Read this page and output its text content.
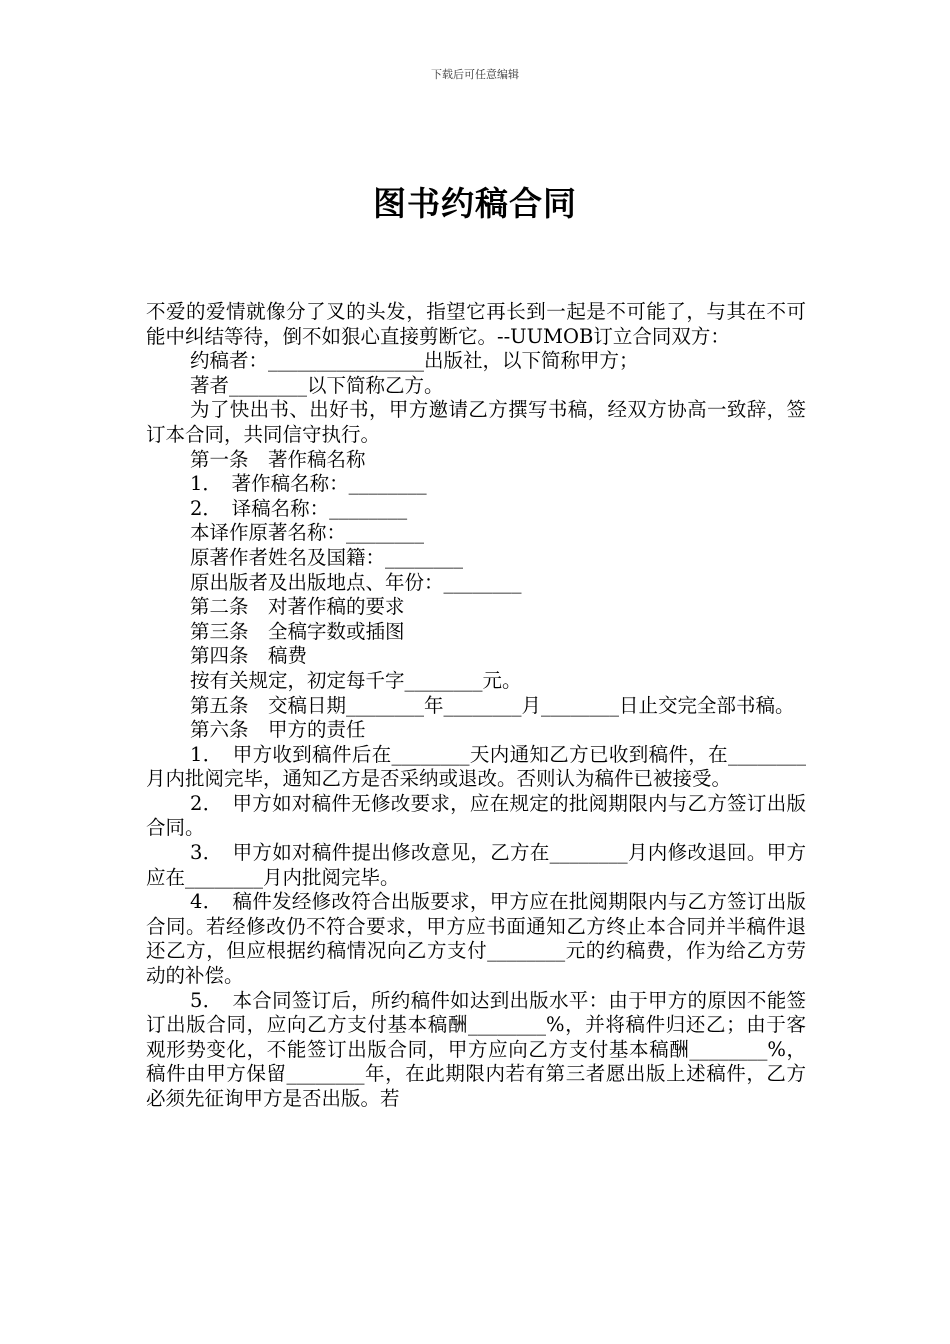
下载后可任意编辑
图书约稿合同

不爱的爱情就像分了叉的头发，指望它再长到一起是不可能了，与其在不可能中纠结等待，倒不如狠心直接剪断它。--UUMOB订立合同双方：

约稿者：________________出版社，以下简称甲方；

著者________以下简称乙方。

为了快出书、出好书，甲方邀请乙方撰写书稿，经双方协高一致辞，签订本合同，共同信守执行。

第一条　著作稿名称

1．　著作稿名称：________

2．　译稿名称：________

本译作原著名称：________

原著作者姓名及国籍：________

原出版者及出版地点、年份：________

第二条　对著作稿的要求

第三条　全稿字数或插图

第四条　稿费

按有关规定，初定每千字________元。

第五条　交稿日期________年________月________日止交完全部书稿。

第六条　甲方的责任

1．　甲方收到稿件后在________天内通知乙方已收到稿件，在________月内批阅完毕，通知乙方是否采纳或退改。否则认为稿件已被接受。

2．　甲方如对稿件无修改要求，应在规定的批阅期限内与乙方签订出版合同。

3．　甲方如对稿件提出修改意见，乙方在________月内修改退回。甲方应在________月内批阅完毕。

4．　稿件发经修改符合出版要求，甲方应在批阅期限内与乙方签订出版合同。若经修改仍不符合要求，甲方应书面通知乙方终止本合同并半稿件退还乙方，但应根据约稿情况向乙方支付________元的约稿费，作为给乙方劳动的补偿。

5．　本合同签订后，所约稿件如达到出版水平：由于甲方的原因不能签订出版合同，应向乙方支付基本稿酬________%，并将稿件归还乙；由于客观形势变化，不能签订出版合同，甲方应向乙方支付基本稿酬________%，稿件由甲方保留________年，在此期限内若有第三者愿出版上述稿件，乙方必须先征询甲方是否出版。若
